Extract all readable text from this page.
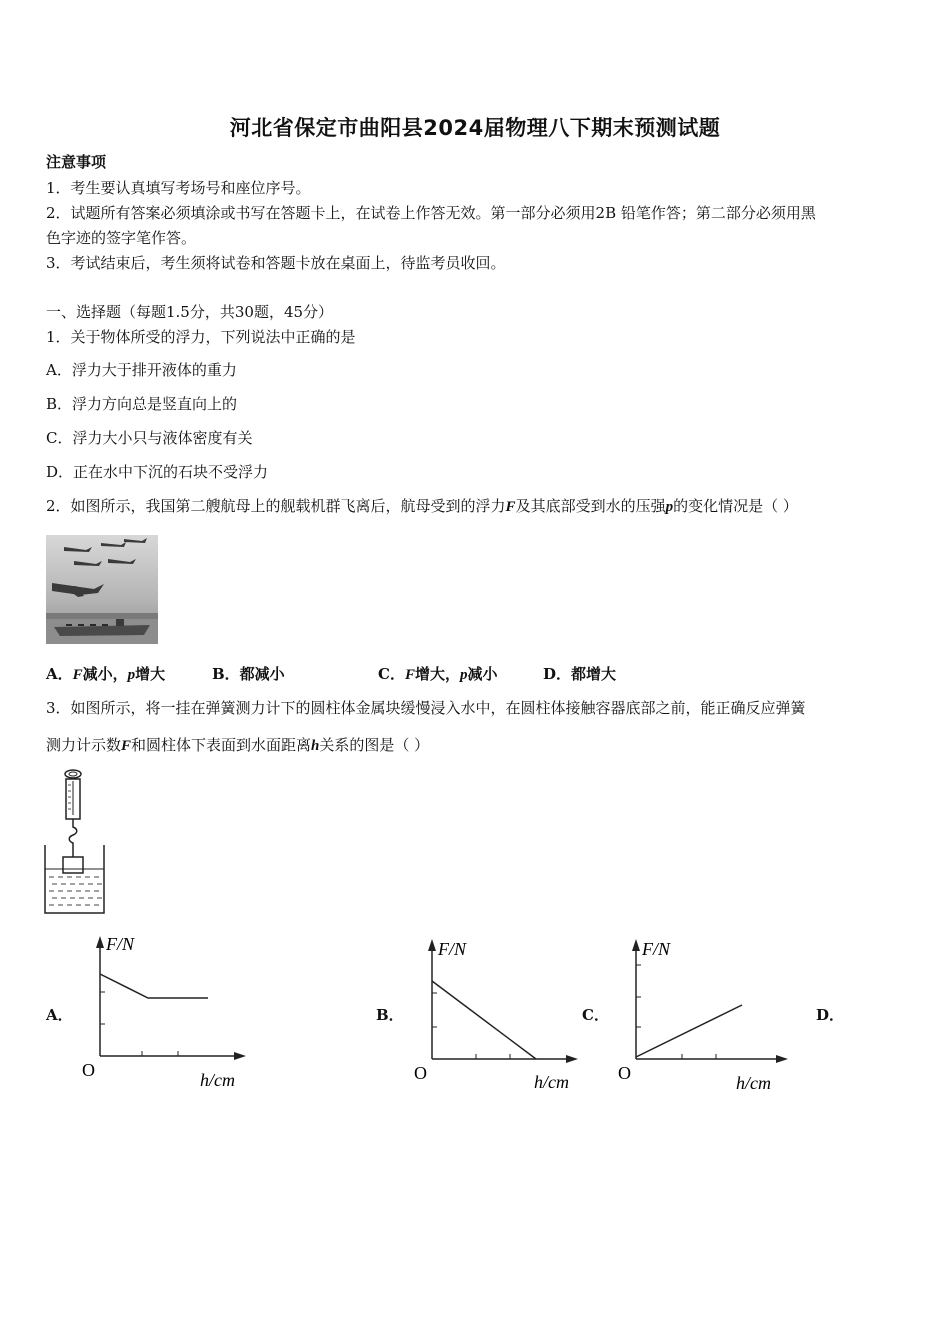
河北省保定市曲阳县2024届物理八下期末预测试题
注意事项
1．考生要认真填写考场号和座位序号。
2．试题所有答案必须填涂或书写在答题卡上，在试卷上作答无效。第一部分必须用2B 铅笔作答；第二部分必须用黑
色字迹的签字笔作答。
3．考试结束后，考生须将试卷和答题卡放在桌面上，待监考员收回。
一、选择题（每题1.5分，共30题，45分）
1．关于物体所受的浮力，下列说法中正确的是
A．浮力大于排开液体的重力
B．浮力方向总是竖直向上的
C．浮力大小只与液体密度有关
D．正在水中下沉的石块不受浮力
2．如图所示，我国第二艘航母上的舰载机群飞离后，航母受到的浮力F及其底部受到水的压强p的变化情况是（ ）
A．F减小，p增大	B．都减小	C．F增大，p减小	D．都增大
3．如图所示，将一挂在弹簧测力计下的圆柱体金属块缓慢浸入水中，在圆柱体接触容器底部之前，能正确反应弹簧
测力计示数F和圆柱体下表面到水面距离h关系的图是（ ）
A．	B．	C．	D．
F/N
O	h/cm
F/N
O	h/cm
F/N
O	h/cm
